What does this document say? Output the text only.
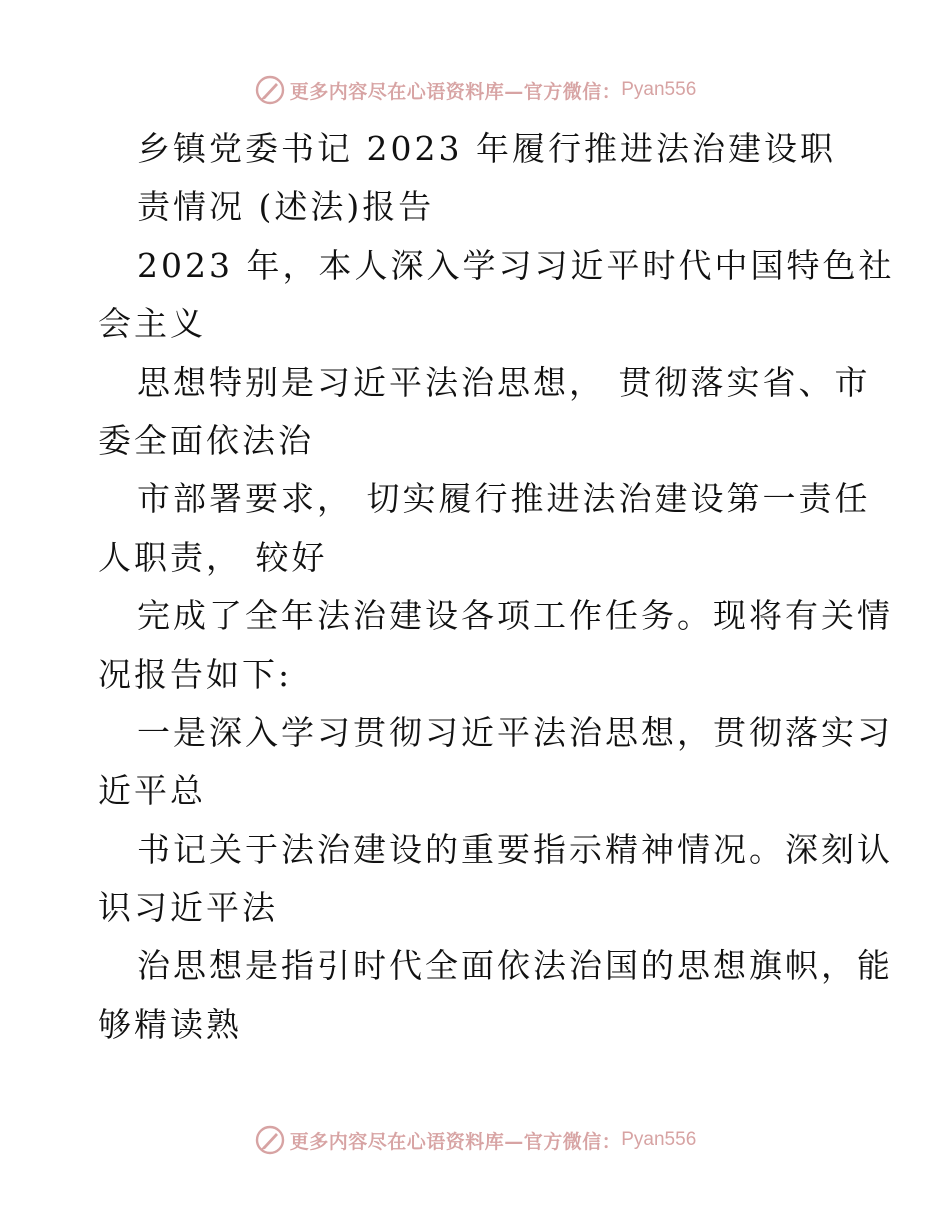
更多内容尽在心语资料库—官方微信： Pyan556
乡镇党委书记 2023 年履行推进法治建设职
责情况 (述法)报告
2023 年，本人深入学习习近平时代中国特色社
会主义
思想特别是习近平法治思想， 贯彻落实省、市
委全面依法治
市部署要求， 切实履行推进法治建设第一责任
人职责， 较好
完成了全年法治建设各项工作任务。现将有关情
况报告如下:
一是深入学习贯彻习近平法治思想，贯彻落实习
近平总
书记关于法治建设的重要指示精神情况。深刻认
识习近平法
治思想是指引时代全面依法治国的思想旗帜，能
够精读熟
更多内容尽在心语资料库—官方微信： Pyan556
